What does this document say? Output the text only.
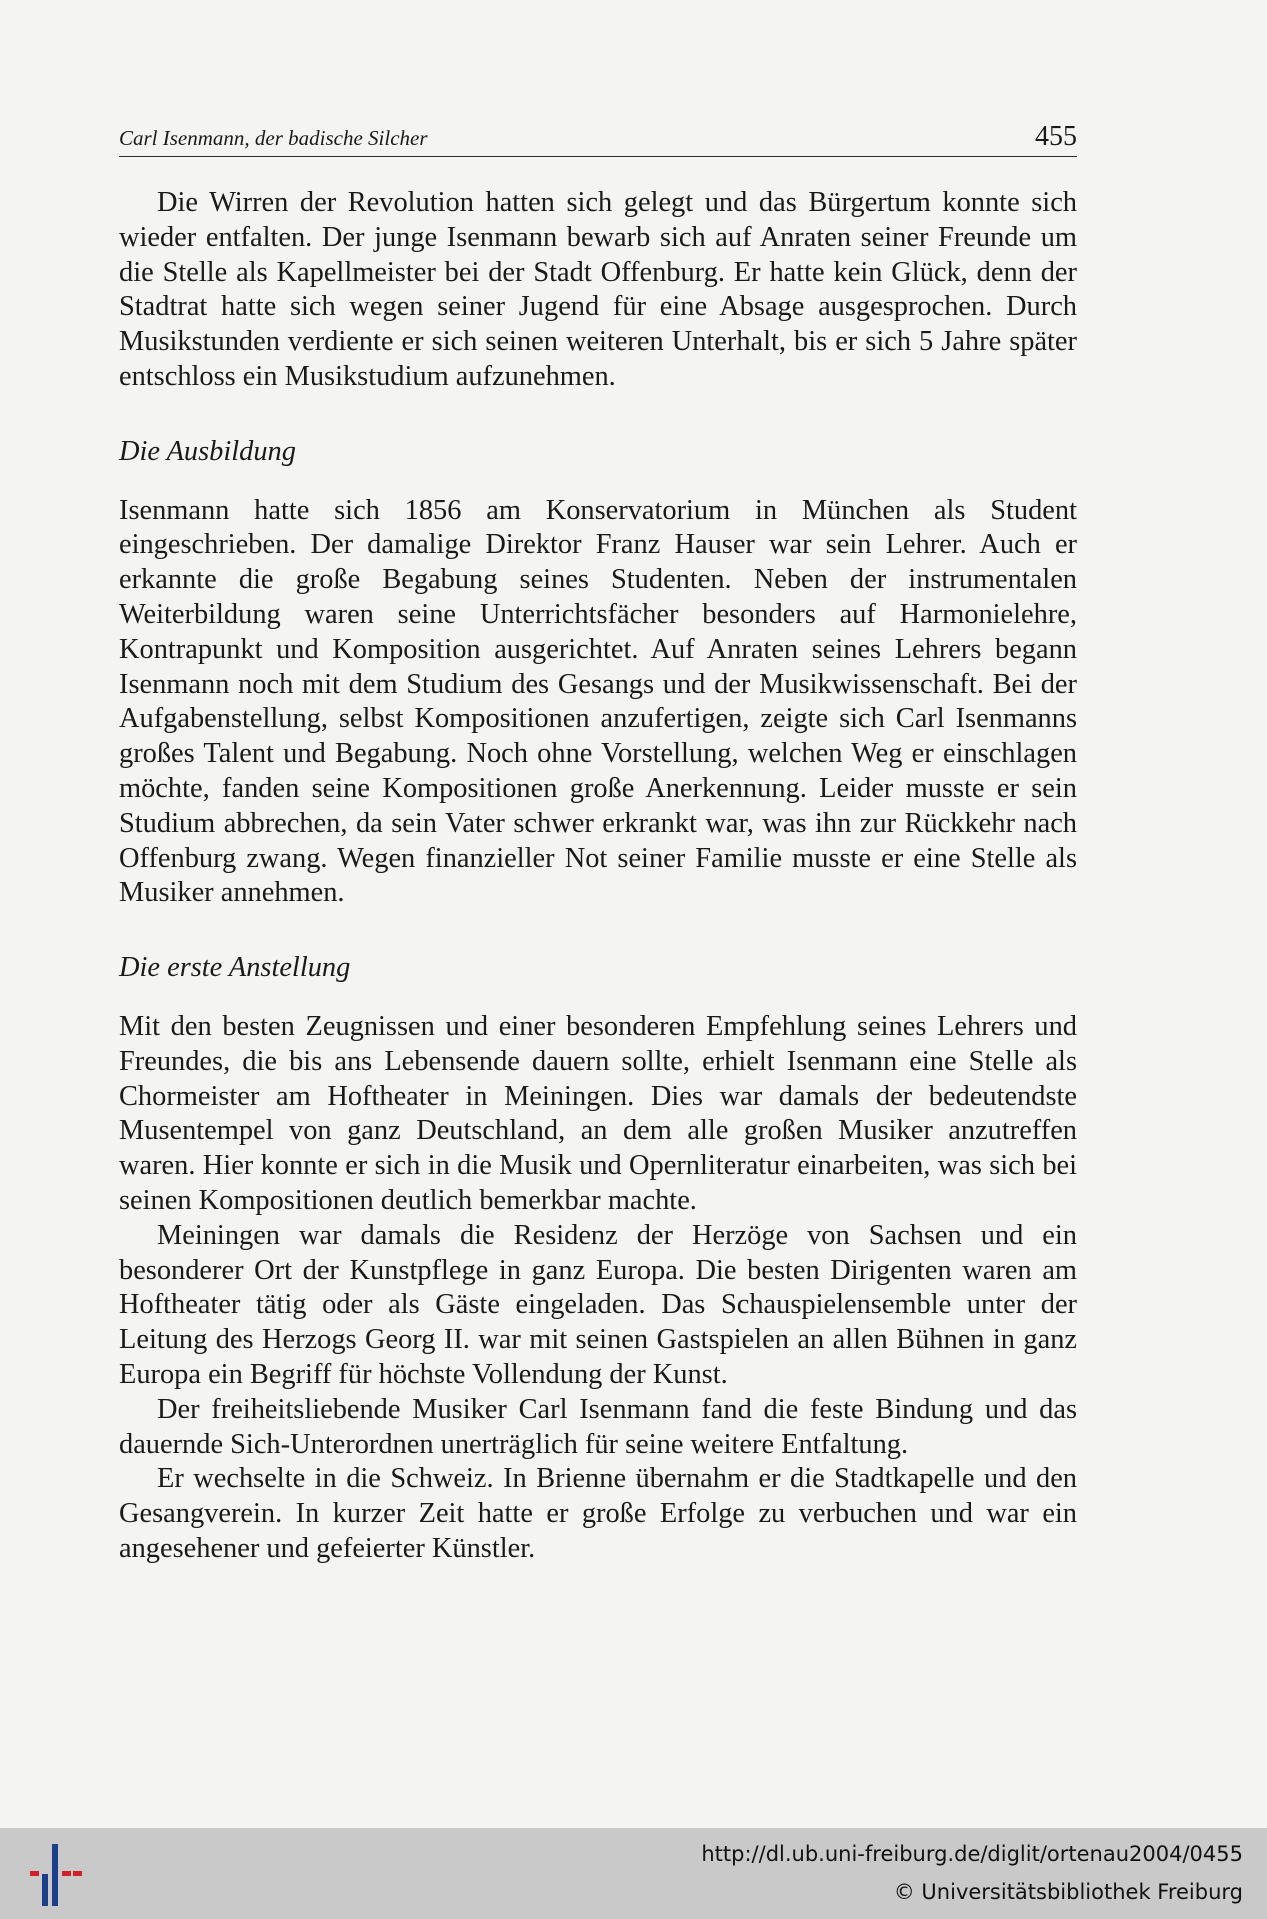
Carl Isenmann, der badische Silcher	455

Die Wirren der Revolution hatten sich gelegt und das Bürgertum konnte sich wieder entfalten. Der junge Isenmann bewarb sich auf Anraten seiner Freunde um die Stelle als Kapellmeister bei der Stadt Offenburg. Er hatte kein Glück, denn der Stadtrat hatte sich wegen seiner Jugend für eine Absage ausgesprochen. Durch Musikstunden verdiente er sich seinen weiteren Unterhalt, bis er sich 5 Jahre später entschloss ein Musikstudium aufzunehmen.

Die Ausbildung

Isenmann hatte sich 1856 am Konservatorium in München als Student eingeschrieben. Der damalige Direktor Franz Hauser war sein Lehrer. Auch er erkannte die große Begabung seines Studenten. Neben der instrumentalen Weiterbildung waren seine Unterrichtsfächer besonders auf Harmonielehre, Kontrapunkt und Komposition ausgerichtet. Auf Anraten seines Lehrers begann Isenmann noch mit dem Studium des Gesangs und der Musikwissenschaft. Bei der Aufgabenstellung, selbst Kompositionen anzufertigen, zeigte sich Carl Isenmanns großes Talent und Begabung. Noch ohne Vorstellung, welchen Weg er einschlagen möchte, fanden seine Kompositionen große Anerkennung. Leider musste er sein Studium abbrechen, da sein Vater schwer erkrankt war, was ihn zur Rückkehr nach Offenburg zwang. Wegen finanzieller Not seiner Familie musste er eine Stelle als Musiker annehmen.

Die erste Anstellung

Mit den besten Zeugnissen und einer besonderen Empfehlung seines Lehrers und Freundes, die bis ans Lebensende dauern sollte, erhielt Isenmann eine Stelle als Chormeister am Hoftheater in Meiningen. Dies war damals der bedeutendste Musentempel von ganz Deutschland, an dem alle großen Musiker anzutreffen waren. Hier konnte er sich in die Musik und Opernliteratur einarbeiten, was sich bei seinen Kompositionen deutlich bemerkbar machte.

Meiningen war damals die Residenz der Herzöge von Sachsen und ein besonderer Ort der Kunstpflege in ganz Europa. Die besten Dirigenten waren am Hoftheater tätig oder als Gäste eingeladen. Das Schauspielensemble unter der Leitung des Herzogs Georg II. war mit seinen Gastspielen an allen Bühnen in ganz Europa ein Begriff für höchste Vollendung der Kunst.

Der freiheitsliebende Musiker Carl Isenmann fand die feste Bindung und das dauernde Sich-Unterordnen unerträglich für seine weitere Entfaltung.

Er wechselte in die Schweiz. In Brienne übernahm er die Stadtkapelle und den Gesangverein. In kurzer Zeit hatte er große Erfolge zu verbuchen und war ein angesehener und gefeierter Künstler.

http://dl.ub.uni-freiburg.de/diglit/ortenau2004/0455
© Universitätsbibliothek Freiburg
